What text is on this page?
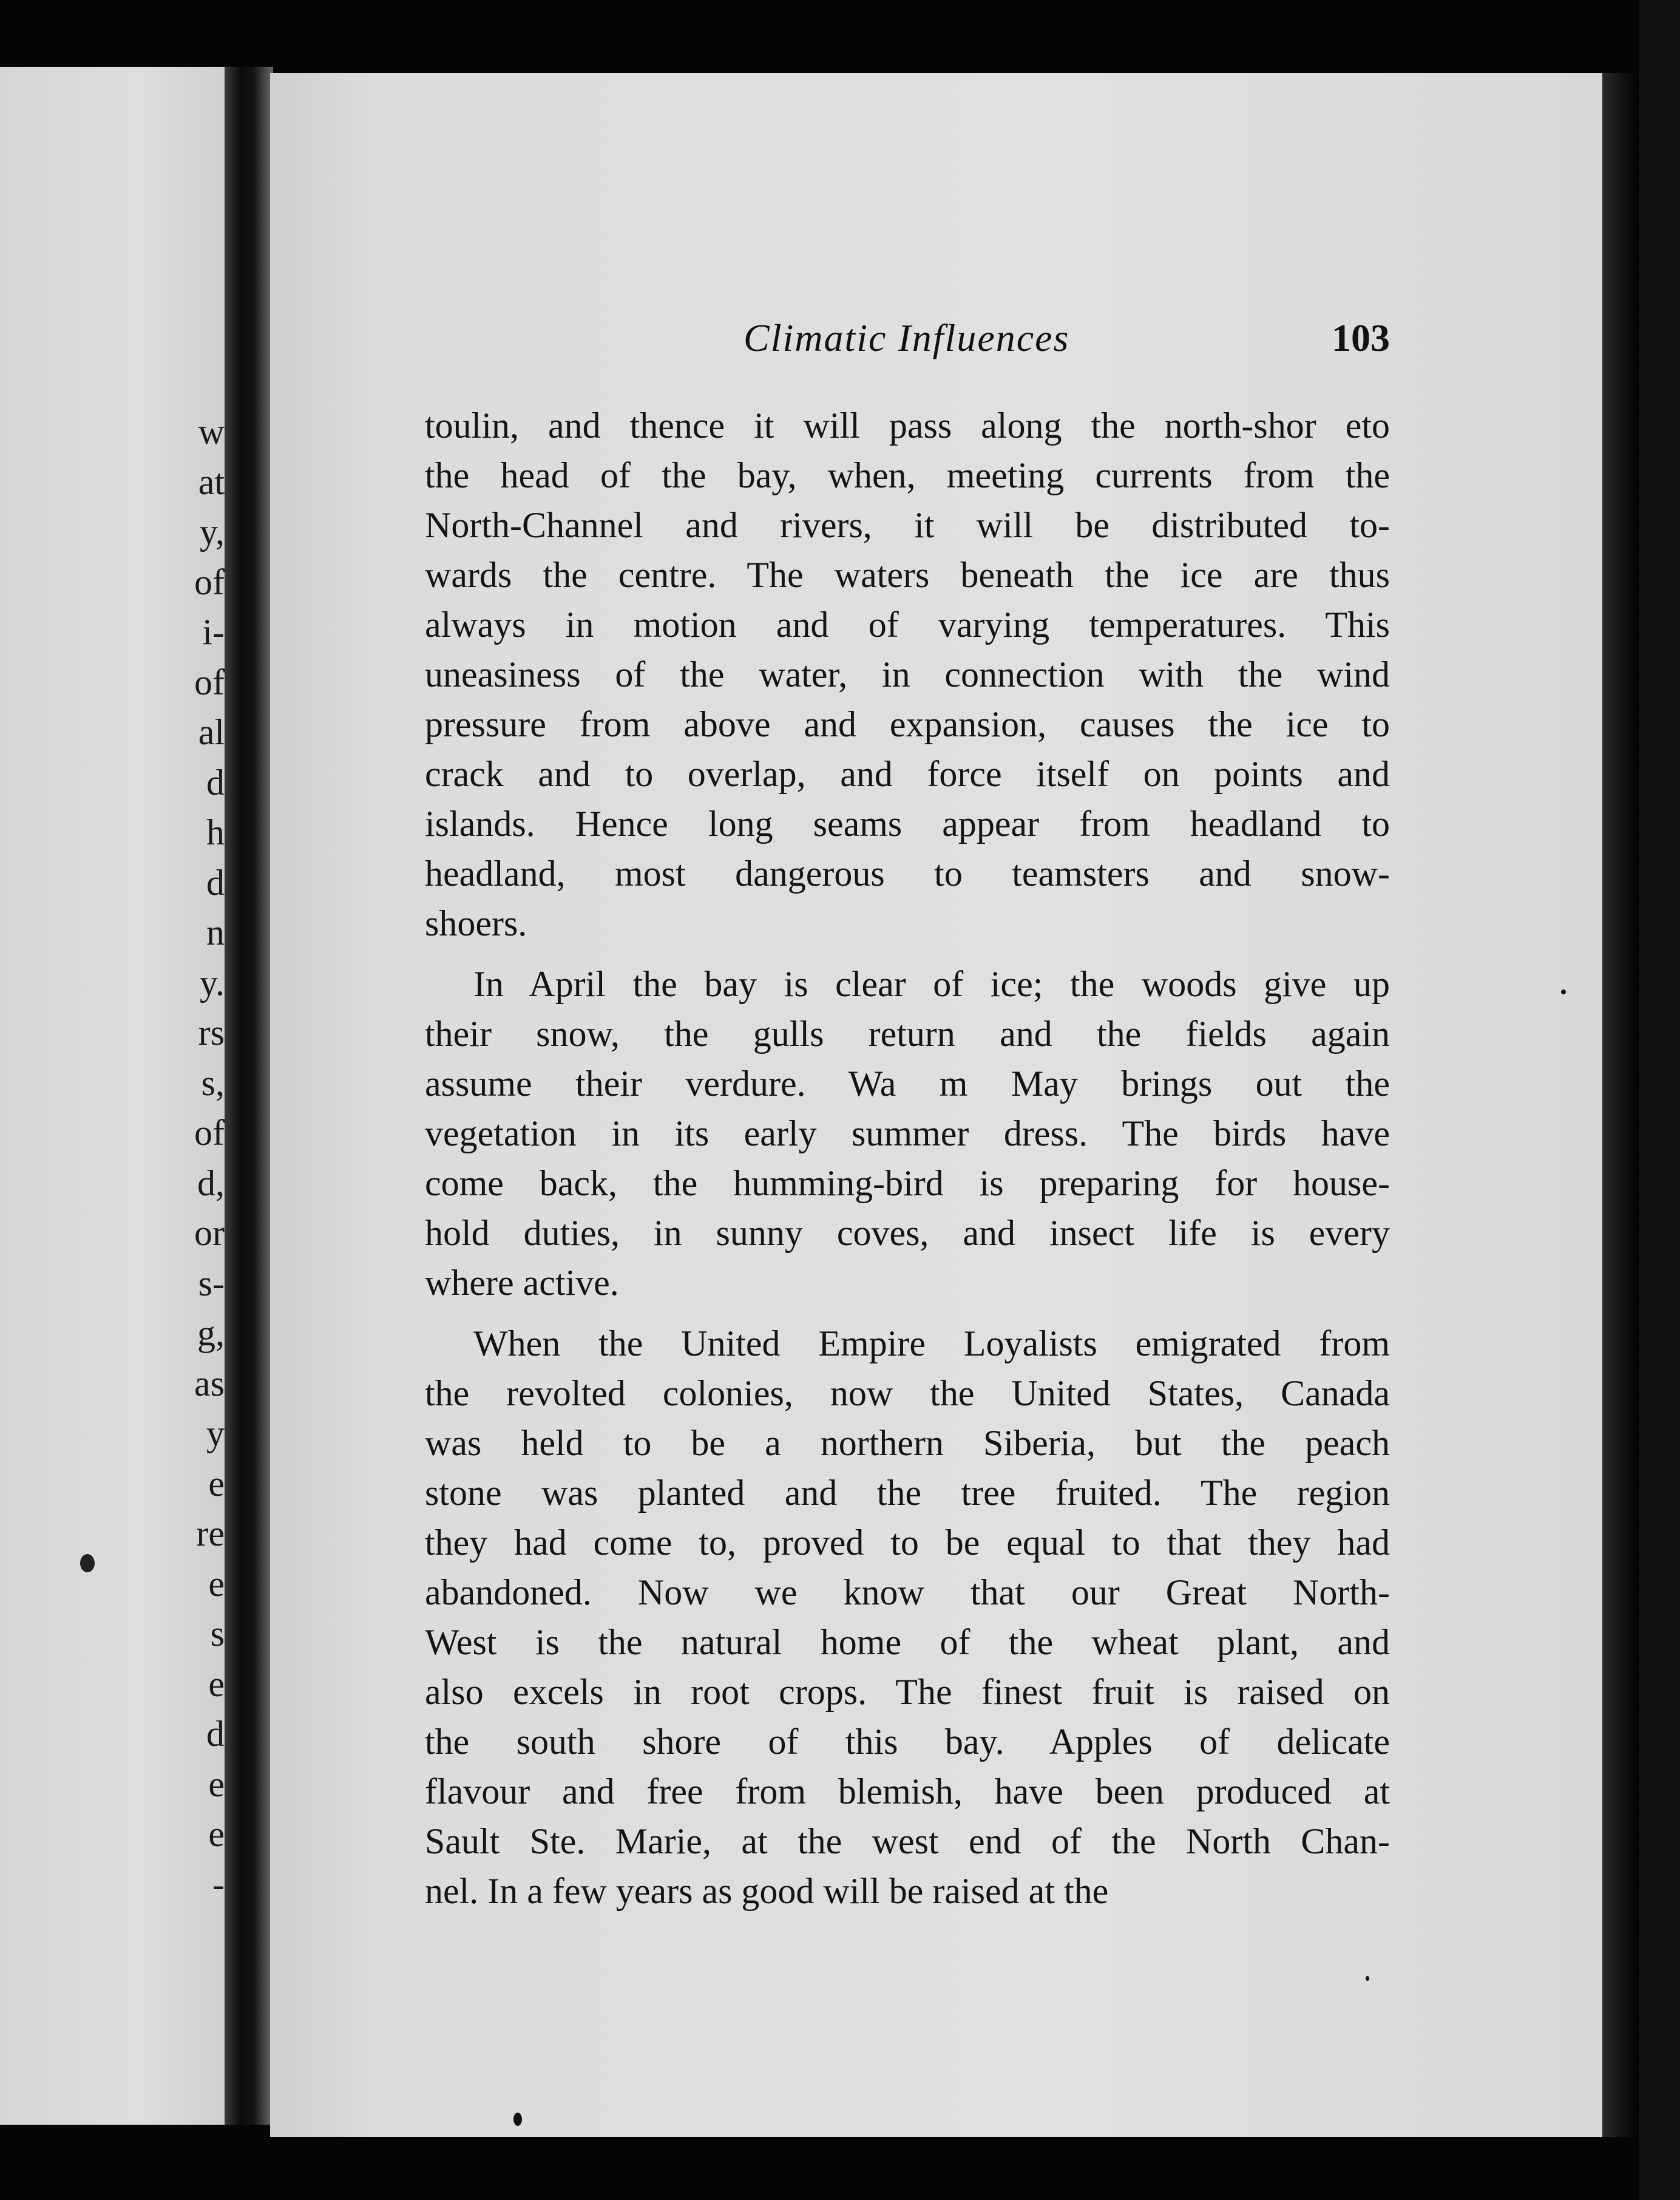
w
at
y,
of
i-
of
al
d
h
d
n
y.
rs
s,
of
d,
or
s-
g,
as
y
e
re
e
s
e
d
e
e
-
Climatic Influences	103
toulin, and thence it will pass along the north-shor eto
the head of the bay, when, meeting currents from the
North-Channel and rivers, it will be distributed to-
wards the centre. The waters beneath the ice are thus
always in motion and of varying temperatures. This
uneasiness of the water, in connection with the wind
pressure from above and expansion, causes the ice to
crack and to overlap, and force itself on points and
islands. Hence long seams appear from headland to
headland, most dangerous to teamsters and snow-
shoers.
In April the bay is clear of ice; the woods give up
their snow, the gulls return and the fields again
assume their verdure. Wa m May brings out the
vegetation in its early summer dress. The birds have
come back, the humming-bird is preparing for house-
hold duties, in sunny coves, and insect life is every
where active.
When the United Empire Loyalists emigrated from
the revolted colonies, now the United States, Canada
was held to be a northern Siberia, but the peach
stone was planted and the tree fruited. The region
they had come to, proved to be equal to that they had
abandoned. Now we know that our Great North-
West is the natural home of the wheat plant, and
also excels in root crops. The finest fruit is raised on
the south shore of this bay. Apples of delicate
flavour and free from blemish, have been produced at
Sault Ste. Marie, at the west end of the North Chan-
nel. In a few years as good will be raised at the
